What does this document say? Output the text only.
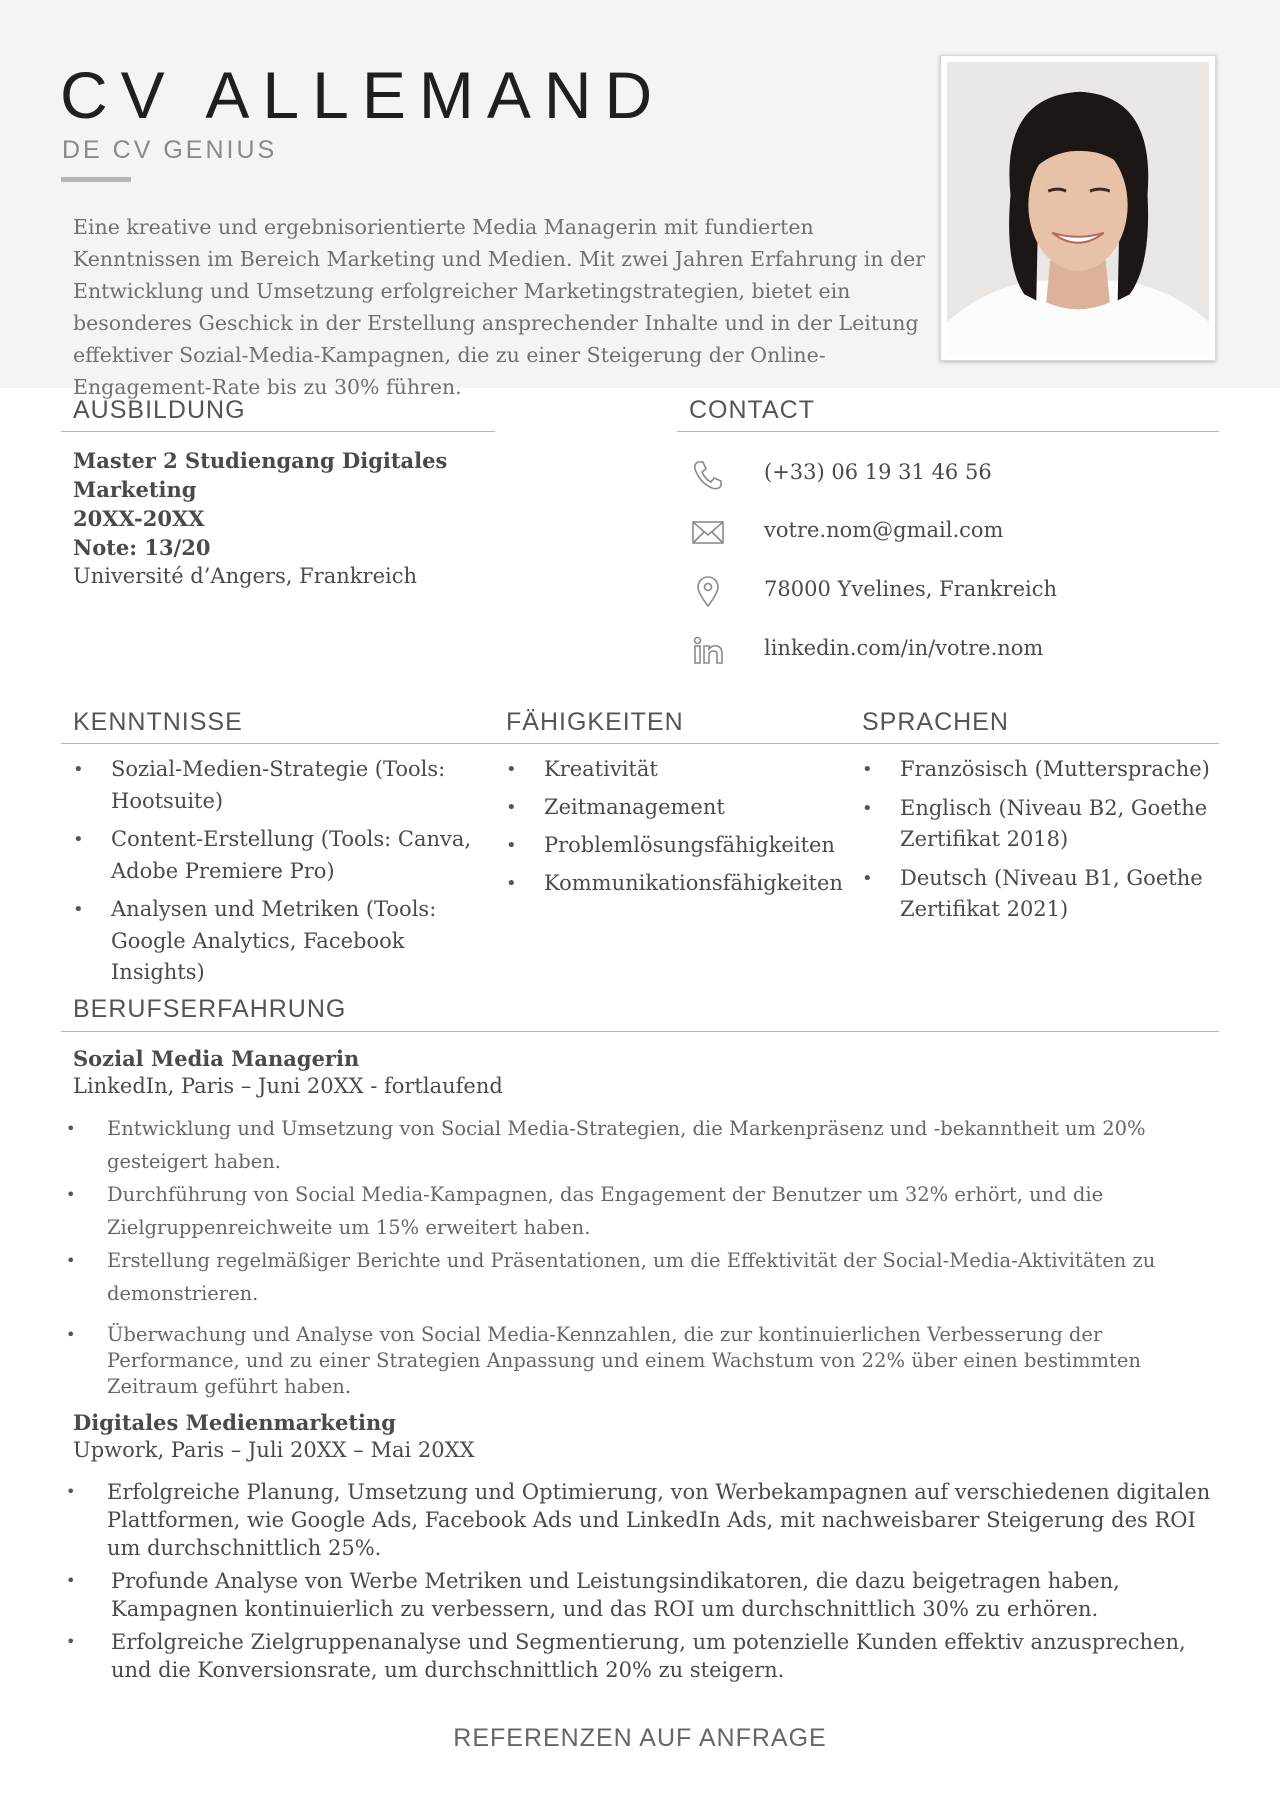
CV ALLEMAND
DE CV GENIUS

Eine kreative und ergebnisorientierte Media Managerin mit fundierten Kenntnissen im Bereich Marketing und Medien. Mit zwei Jahren Erfahrung in der Entwicklung und Umsetzung erfolgreicher Marketingstrategien, bietet ein besonderes Geschick in der Erstellung ansprechender Inhalte und in der Leitung effektiver Sozial-Media-Kampagnen, die zu einer Steigerung der Online-Engagement-Rate bis zu 30% führen.

AUSBILDUNG
Master 2 Studiengang Digitales Marketing
20XX-20XX
Note: 13/20
Université d’Angers, Frankreich
CONTACT
(+33) 06 19 31 46 56
votre.nom@gmail.com
78000 Yvelines, Frankreich
linkedin.com/in/votre.nom
KENNTNISSE	FÄHIGKEITEN	SPRACHEN
• Sozial-Medien-Strategie (Tools: Hootsuite)
• Content-Erstellung (Tools: Canva, Adobe Premiere Pro)
• Analysen und Metriken (Tools: Google Analytics, Facebook Insights)
• Kreativität
• Zeitmanagement
• Problemlösungsfähigkeiten
• Kommunikationsfähigkeiten
• Französisch (Muttersprache)
• Englisch (Niveau B2, Goethe Zertifikat 2018)
• Deutsch (Niveau B1, Goethe Zertifikat 2021)
BERUFSERFAHRUNG
Sozial Media Managerin
LinkedIn, Paris – Juni 20XX - fortlaufend
• Entwicklung und Umsetzung von Social Media-Strategien, die Markenpräsenz und -bekanntheit um 20% gesteigert haben.
• Durchführung von Social Media-Kampagnen, das Engagement der Benutzer um 32% erhört, und die Zielgruppenreichweite um 15% erweitert haben.
• Erstellung regelmäßiger Berichte und Präsentationen, um die Effektivität der Social-Media-Aktivitäten zu demonstrieren.
• Überwachung und Analyse von Social Media-Kennzahlen, die zur kontinuierlichen Verbesserung der Performance, und zu einer Strategien Anpassung und einem Wachstum von 22% über einen bestimmten Zeitraum geführt haben.
Digitales Medienmarketing
Upwork, Paris – Juli 20XX – Mai 20XX
• Erfolgreiche Planung, Umsetzung und Optimierung, von Werbekampagnen auf verschiedenen digitalen Plattformen, wie Google Ads, Facebook Ads und LinkedIn Ads, mit nachweisbarer Steigerung des ROI um durchschnittlich 25%.
• Profunde Analyse von Werbe Metriken und Leistungsindikatoren, die dazu beigetragen haben, Kampagnen kontinuierlich zu verbessern, und das ROI um durchschnittlich 30% zu erhören.
• Erfolgreiche Zielgruppenanalyse und Segmentierung, um potenzielle Kunden effektiv anzusprechen, und die Konversionsrate, um durchschnittlich 20% zu steigern.
REFERENZEN AUF ANFRAGE
